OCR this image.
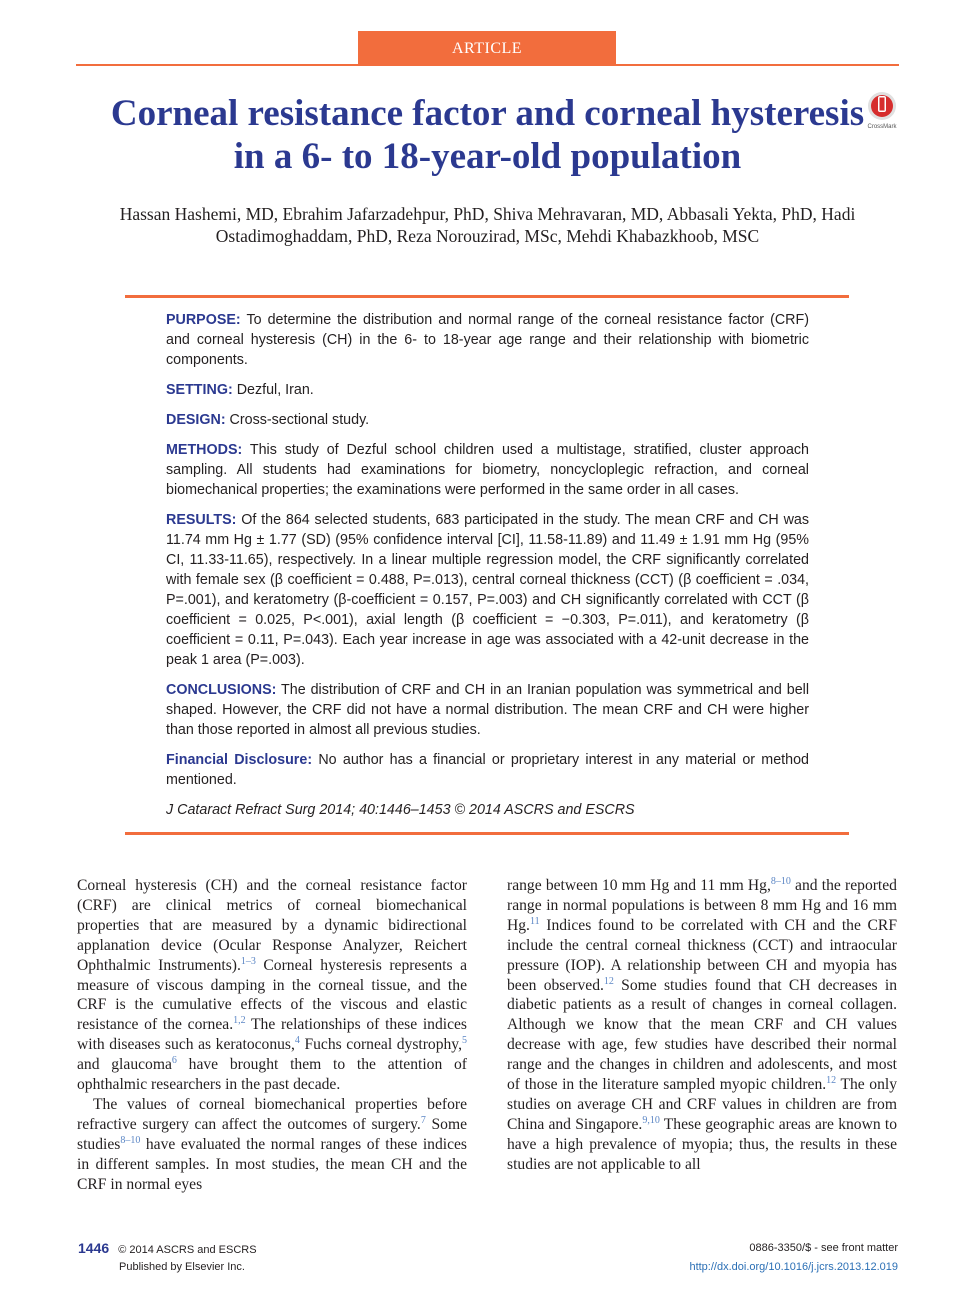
ARTICLE
Corneal resistance factor and corneal hysteresis in a 6- to 18-year-old population
CrossMark

Hassan Hashemi, MD, Ebrahim Jafarzadehpur, PhD, Shiva Mehravaran, MD, Abbasali Yekta, PhD, Hadi Ostadimoghaddam, PhD, Reza Norouzirad, MSc, Mehdi Khabazkhoob, MSC

PURPOSE: To determine the distribution and normal range of the corneal resistance factor (CRF) and corneal hysteresis (CH) in the 6- to 18-year age range and their relationship with biometric components.

SETTING: Dezful, Iran.

DESIGN: Cross-sectional study.

METHODS: This study of Dezful school children used a multistage, stratified, cluster approach sampling. All students had examinations for biometry, noncycloplegic refraction, and corneal biomechanical properties; the examinations were performed in the same order in all cases.

RESULTS: Of the 864 selected students, 683 participated in the study. The mean CRF and CH was 11.74 mm Hg ± 1.77 (SD) (95% confidence interval [CI], 11.58-11.89) and 11.49 ± 1.91 mm Hg (95% CI, 11.33-11.65), respectively. In a linear multiple regression model, the CRF significantly correlated with female sex (β coefficient = 0.488, P=.013), central corneal thickness (CCT) (β coefficient = .034, P=.001), and keratometry (β-coefficient = 0.157, P=.003) and CH significantly correlated with CCT (β coefficient = 0.025, P<.001), axial length (β coefficient = −0.303, P=.011), and keratometry (β coefficient = 0.11, P=.043). Each year increase in age was associated with a 42-unit decrease in the peak 1 area (P=.003).

CONCLUSIONS: The distribution of CRF and CH in an Iranian population was symmetrical and bell shaped. However, the CRF did not have a normal distribution. The mean CRF and CH were higher than those reported in almost all previous studies.

Financial Disclosure: No author has a financial or proprietary interest in any material or method mentioned.

J Cataract Refract Surg 2014; 40:1446–1453 © 2014 ASCRS and ESCRS

Corneal hysteresis (CH) and the corneal resistance factor (CRF) are clinical metrics of corneal biomechanical properties that are measured by a dynamic bidirectional applanation device (Ocular Response Analyzer, Reichert Ophthalmic Instruments).$^{1-3}$ Corneal hysteresis represents a measure of viscous damping in the corneal tissue, and the CRF is the cumulative effects of the viscous and elastic resistance of the cornea.$^{1,2}$ The relationships of these indices with diseases such as keratoconus,$^4$ Fuchs corneal dystrophy,$^5$ and glaucoma$^6$ have brought them to the attention of ophthalmic researchers in the past decade.

The values of corneal biomechanical properties before refractive surgery can affect the outcomes of surgery.$^7$ Some studies$^{8-10}$ have evaluated the normal ranges of these indices in different samples. In most studies, the mean CH and the CRF in normal eyes

range between 10 mm Hg and 11 mm Hg,$^{8-10}$ and the reported range in normal populations is between 8 mm Hg and 16 mm Hg.$^{11}$ Indices found to be correlated with CH and the CRF include the central corneal thickness (CCT) and intraocular pressure (IOP). A relationship between CH and myopia has been observed.$^{12}$ Some studies found that CH decreases in diabetic patients as a result of changes in corneal collagen. Although we know that the mean CRF and CH values decrease with age, few studies have described their normal range and the changes in children and adolescents, and most of those in the literature sampled myopic children.$^{12}$ The only studies on average CH and CRF values in children are from China and Singapore.$^{9,10}$ These geographic areas are known to have a high prevalence of myopia; thus, the results in these studies are not applicable to all

1446 © 2014 ASCRS and ESCRS
Published by Elsevier Inc.
0886-3350/$ - see front matter
http://dx.doi.org/10.1016/j.jcrs.2013.12.019
